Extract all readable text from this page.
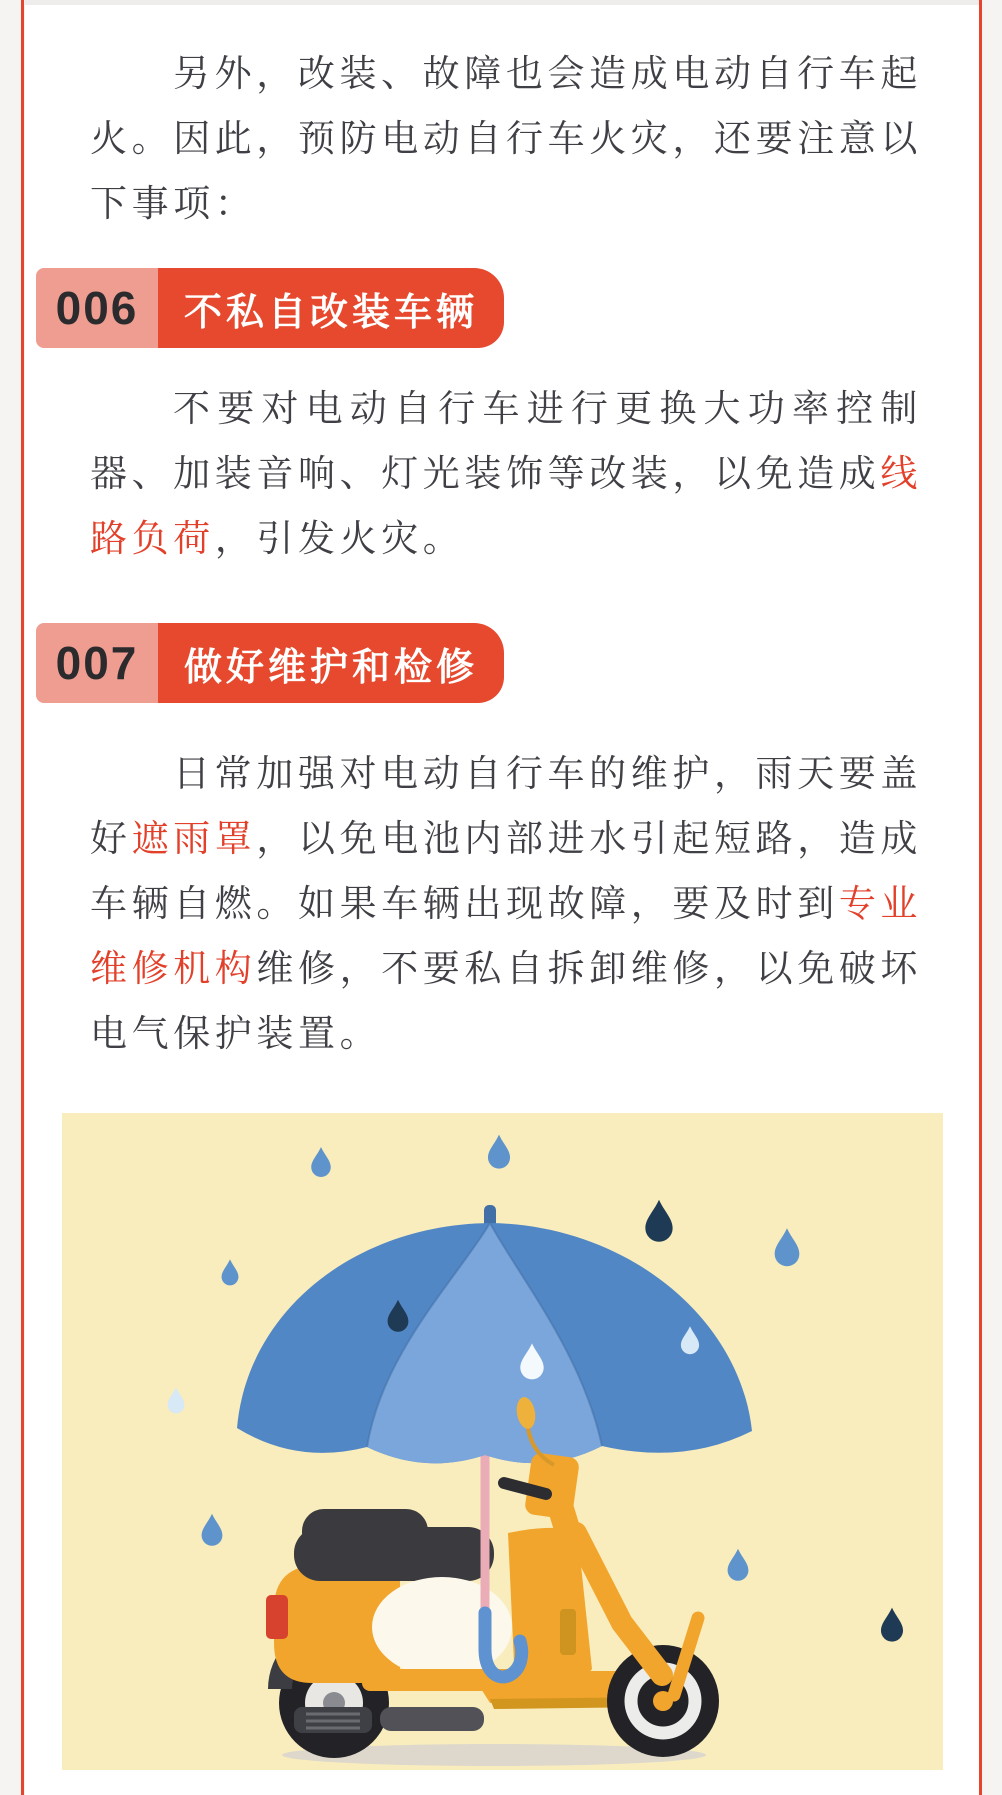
另外，改装、故障也会造成电动自行车起
火。因此，预防电动自行车火灾，还要注意以
下事项：
006	不私自改装车辆
不要对电动自行车进行更换大功率控制
器、加装音响、灯光装饰等改装，以免造成线
路负荷，引发火灾。
007	做好维护和检修
日常加强对电动自行车的维护，雨天要盖
好遮雨罩，以免电池内部进水引起短路，造成
车辆自燃。如果车辆出现故障，要及时到专业
维修机构维修，不要私自拆卸维修，以免破坏
电气保护装置。
